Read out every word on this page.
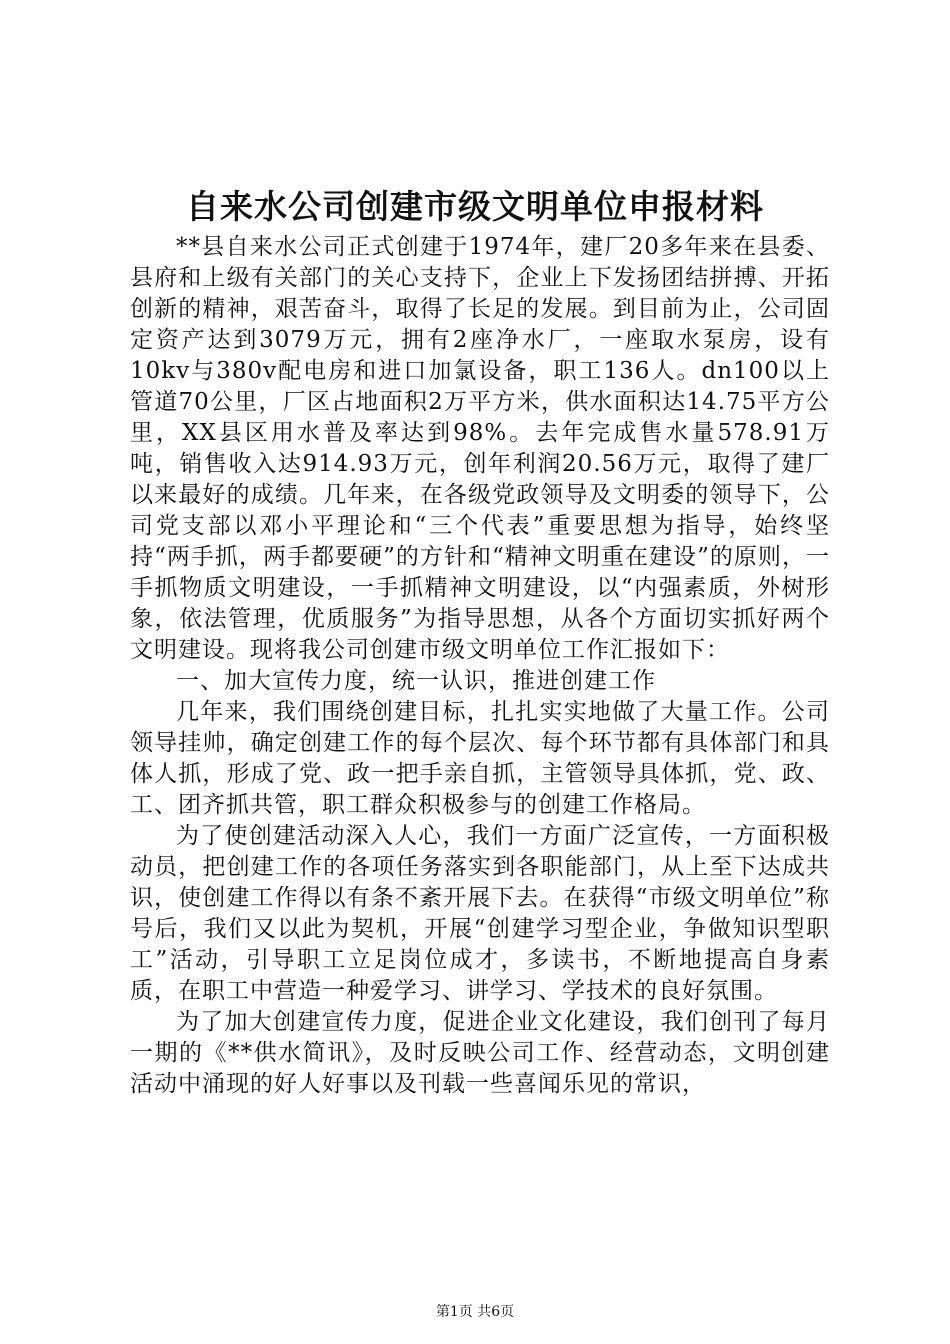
自来水公司创建市级文明单位申报材料

**县自来水公司正式创建于1974年，建厂20多年来在县委、县府和上级有关部门的关心支持下，企业上下发扬团结拼搏、开拓创新的精神，艰苦奋斗，取得了长足的发展。到目前为止，公司固定资产达到3079万元，拥有2座净水厂，一座取水泵房，设有10kv与380v配电房和进口加氯设备，职工136人。dn100以上管道70公里，厂区占地面积2万平方米，供水面积达14.75平方公里，XX县区用水普及率达到98%。去年完成售水量578.91万吨，销售收入达914.93万元，创年利润20.56万元，取得了建厂以来最好的成绩。几年来，在各级党政领导及文明委的领导下，公司党支部以邓小平理论和“三个代表”重要思想为指导，始终坚持“两手抓，两手都要硬”的方针和“精神文明重在建设”的原则，一手抓物质文明建设，一手抓精神文明建设，以“内强素质，外树形象，依法管理，优质服务”为指导思想，从各个方面切实抓好两个文明建设。现将我公司创建市级文明单位工作汇报如下：

一、加大宣传力度，统一认识，推进创建工作

几年来，我们围绕创建目标，扎扎实实地做了大量工作。公司领导挂帅，确定创建工作的每个层次、每个环节都有具体部门和具体人抓，形成了党、政一把手亲自抓，主管领导具体抓，党、政、工、团齐抓共管，职工群众积极参与的创建工作格局。

为了使创建活动深入人心，我们一方面广泛宣传，一方面积极动员，把创建工作的各项任务落实到各职能部门，从上至下达成共识，使创建工作得以有条不紊开展下去。在获得“市级文明单位”称号后，我们又以此为契机，开展“创建学习型企业，争做知识型职工”活动，引导职工立足岗位成才，多读书，不断地提高自身素质，在职工中营造一种爱学习、讲学习、学技术的良好氛围。

为了加大创建宣传力度，促进企业文化建设，我们创刊了每月一期的《**供水简讯》，及时反映公司工作、经营动态，文明创建活动中涌现的好人好事以及刊载一些喜闻乐见的常识，

第1页 共6页
